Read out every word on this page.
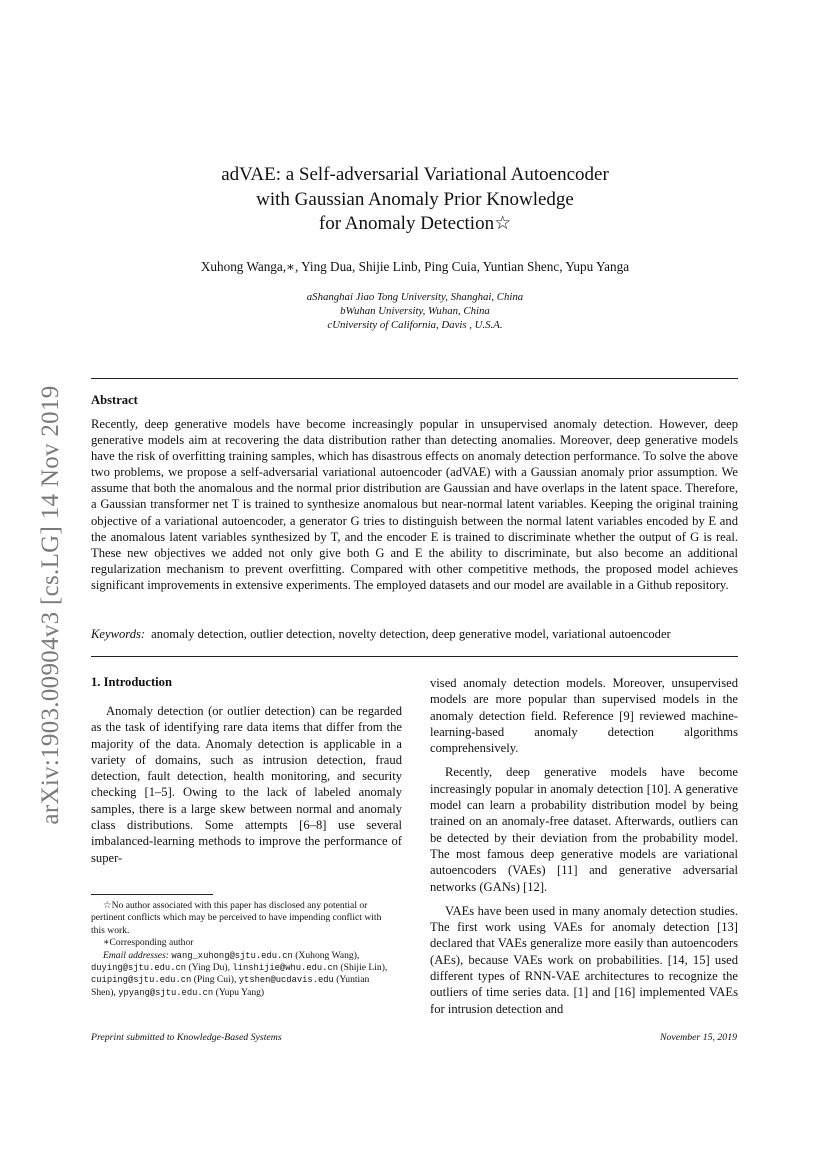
arXiv:1903.00904v3 [cs.LG] 14 Nov 2019
adVAE: a Self-adversarial Variational Autoencoder
with Gaussian Anomaly Prior Knowledge
for Anomaly Detection☆
Xuhong Wanga,∗, Ying Dua, Shijie Linb, Ping Cuia, Yuntian Shenc, Yupu Yanga
aShanghai Jiao Tong University, Shanghai, China
bWuhan University, Wuhan, China
cUniversity of California, Davis , U.S.A.
Abstract
Recently, deep generative models have become increasingly popular in unsupervised anomaly detection. However, deep generative models aim at recovering the data distribution rather than detecting anomalies. Moreover, deep generative models have the risk of overfitting training samples, which has disastrous effects on anomaly detection performance. To solve the above two problems, we propose a self-adversarial variational autoencoder (adVAE) with a Gaussian anomaly prior assumption. We assume that both the anomalous and the normal prior distribution are Gaussian and have overlaps in the latent space. Therefore, a Gaussian transformer net T is trained to synthesize anomalous but near-normal latent variables. Keeping the original training objective of a variational autoencoder, a generator G tries to distinguish between the normal latent variables encoded by E and the anomalous latent variables synthesized by T, and the encoder E is trained to discriminate whether the output of G is real. These new objectives we added not only give both G and E the ability to discriminate, but also become an additional regularization mechanism to prevent overfitting. Compared with other competitive methods, the proposed model achieves significant improvements in extensive experiments. The employed datasets and our model are available in a Github repository.
Keywords: anomaly detection, outlier detection, novelty detection, deep generative model, variational autoencoder
1. Introduction

Anomaly detection (or outlier detection) can be regarded as the task of identifying rare data items that differ from the majority of the data. Anomaly detection is applicable in a variety of domains, such as intrusion detection, fraud detection, fault detection, health monitoring, and security checking [1–5]. Owing to the lack of labeled anomaly samples, there is a large skew between normal and anomaly class distributions. Some attempts [6–8] use several imbalanced-learning methods to improve the performance of super-

vised anomaly detection models. Moreover, unsupervised models are more popular than supervised models in the anomaly detection field. Reference [9] reviewed machine-learning-based anomaly detection algorithms comprehensively.

Recently, deep generative models have become increasingly popular in anomaly detection [10]. A generative model can learn a probability distribution model by being trained on an anomaly-free dataset. Afterwards, outliers can be detected by their deviation from the probability model. The most famous deep generative models are variational autoencoders (VAEs) [11] and generative adversarial networks (GANs) [12].

VAEs have been used in many anomaly detection studies. The first work using VAEs for anomaly detection [13] declared that VAEs generalize more easily than autoencoders (AEs), because VAEs work on probabilities. [14, 15] used different types of RNN-VAE architectures to recognize the outliers of time series data. [1] and [16] implemented VAEs for intrusion detection and

☆No author associated with this paper has disclosed any potential or pertinent conflicts which may be perceived to have impending conflict with this work.

∗Corresponding author

Email addresses: wang_xuhong@sjtu.edu.cn (Xuhong Wang), duying@sjtu.edu.cn (Ying Du), linshijie@whu.edu.cn (Shijie Lin), cuiping@sjtu.edu.cn (Ping Cui), ytshen@ucdavis.edu (Yuntian Shen), ypyang@sjtu.edu.cn (Yupu Yang)

Preprint submitted to Knowledge-Based Systems	November 15, 2019
